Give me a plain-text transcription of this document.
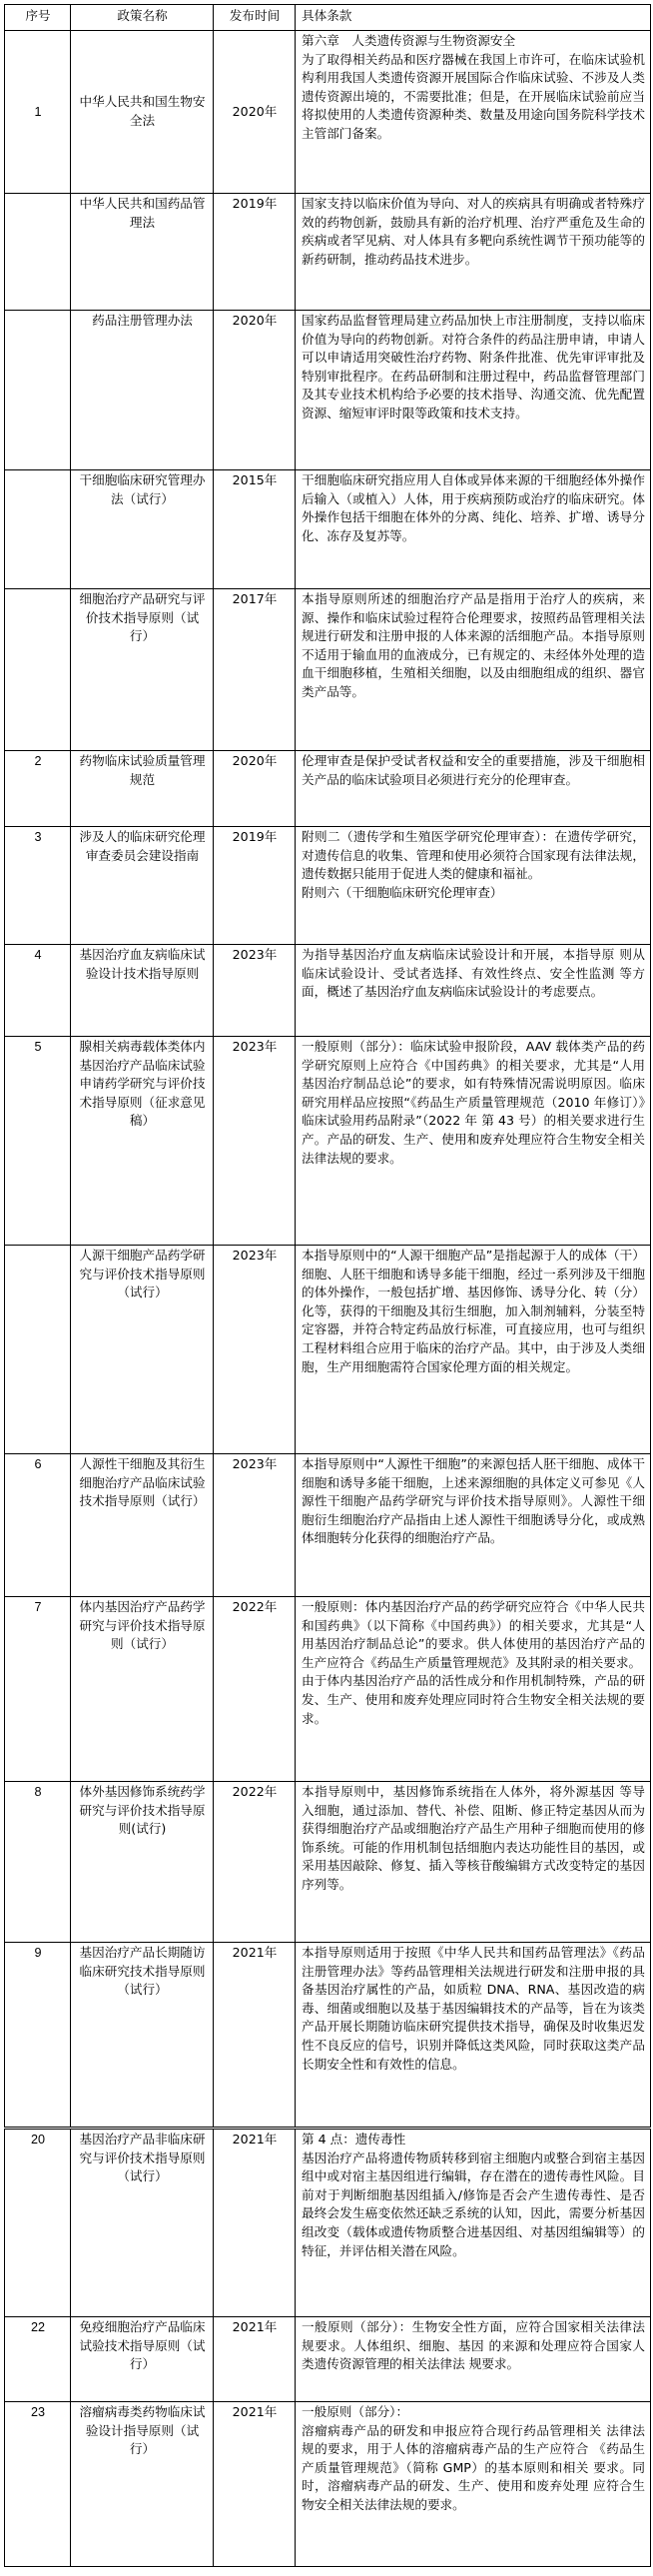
序号	政策名称	发布时间	具体条款
1	中华人民共和国生物安全法	2020年	第六章　人类遗传资源与生物资源安全
为了取得相关药品和医疗器械在我国上市许可，在临床试验机构利用我国人类遗传资源开展国际合作临床试验、不涉及人类遗传资源出境的，不需要批准；但是，在开展临床试验前应当将拟使用的人类遗传资源种类、数量及用途向国务院科学技术主管部门备案。

	中华人民共和国药品管理法	2019年	国家支持以临床价值为导向、对人的疾病具有明确或者特殊疗效的药物创新，鼓励具有新的治疗机理、治疗严重危及生命的疾病或者罕见病、对人体具有多靶向系统性调节干预功能等的新药研制，推动药品技术进步。

	药品注册管理办法	2020年	国家药品监督管理局建立药品加快上市注册制度，支持以临床价值为导向的药物创新。对符合条件的药品注册申请，申请人可以申请适用突破性治疗药物、附条件批准、优先审评审批及特别审批程序。在药品研制和注册过程中，药品监督管理部门及其专业技术机构给予必要的技术指导、沟通交流、优先配置资源、缩短审评时限等政策和技术支持。

	干细胞临床研究管理办法（试行）	2015年	干细胞临床研究指应用人自体或异体来源的干细胞经体外操作后输入（或植入）人体，用于疾病预防或治疗的临床研究。体外操作包括干细胞在体外的分离、纯化、培养、扩增、诱导分化、冻存及复苏等。

	细胞治疗产品研究与评价技术指导原则（试行）	2017年	本指导原则所述的细胞治疗产品是指用于治疗人的疾病，来源、操作和临床试验过程符合伦理要求，按照药品管理相关法规进行研发和注册申报的人体来源的活细胞产品。本指导原则不适用于输血用的血液成分，已有规定的、未经体外处理的造血干细胞移植，生殖相关细胞，以及由细胞组成的组织、器官类产品等。

2	药物临床试验质量管理规范	2020年	伦理审查是保护受试者权益和安全的重要措施，涉及干细胞相关产品的临床试验项目必须进行充分的伦理审查。

3	涉及人的临床研究伦理审查委员会建设指南	2019年	附则二（遗传学和生殖医学研究伦理审查）：在遗传学研究，对遗传信息的收集、管理和使用必须符合国家现有法律法规，遗传数据只能用于促进人类的健康和福祉。
附则六（干细胞临床研究伦理审查）

4	基因治疗血友病临床试验设计技术指导原则	2023年	为指导基因治疗血友病临床试验设计和开展，本指导原 则从临床试验设计、受试者选择、有效性终点、安全性监测 等方面，概述了基因治疗血友病临床试验设计的考虑要点。

5	腺相关病毒载体类体内基因治疗产品临床试验申请药学研究与评价技术指导原则（征求意见稿）	2023年	一般原则（部分）：临床试验申报阶段，AAV 载体类产品的药学研究原则上应符合《中国药典》的相关要求，尤其是“人用基因治疗制品总论”的要求，如有特殊情况需说明原因。临床研究用样品应按照“《药品生产质量管理规范（2010 年修订）》临床试验用药品附录”（2022 年 第 43 号）的相关要求进行生产。产品的研发、生产、使用和废弃处理应符合生物安全相关法律法规的要求。

	人源干细胞产品药学研究与评价技术指导原则（试行）	2023年	本指导原则中的“人源干细胞产品”是指起源于人的成体（干）细胞、人胚干细胞和诱导多能干细胞，经过一系列涉及干细胞的体外操作，一般包括扩增、基因修饰、诱导分化、转（分）化等，获得的干细胞及其衍生细胞，加入制剂辅料，分装至特定容器，并符合特定药品放行标准，可直接应用，也可与组织工程材料组合应用于临床的治疗产品。其中，由于涉及人类细胞，生产用细胞需符合国家伦理方面的相关规定。

6	人源性干细胞及其衍生细胞治疗产品临床试验技术指导原则（试行）	2023年	本指导原则中“人源性干细胞”的来源包括人胚干细胞、成体干细胞和诱导多能干细胞，上述来源细胞的具体定义可参见《人源性干细胞产品药学研究与评价技术指导原则》。人源性干细胞衍生细胞治疗产品指由上述人源性干细胞诱导分化，或成熟体细胞转分化获得的细胞治疗产品。

7	体内基因治疗产品药学研究与评价技术指导原则（试行）	2022年	一般原则：体内基因治疗产品的药学研究应符合《中华人民共和国药典》（以下简称《中国药典》）的相关要求，尤其是“人用基因治疗制品总论”的要求。供人体使用的基因治疗产品的生产应符合《药品生产质量管理规范》及其附录的相关要求。
由于体内基因治疗产品的活性成分和作用机制特殊，产品的研发、生产、使用和废弃处理应同时符合生物安全相关法规的要求。

8	体外基因修饰系统药学研究与评价技术指导原则(试行)	2022年	本指导原则中，基因修饰系统指在人体外，将外源基因 等导入细胞，通过添加、替代、补偿、阻断、修正特定基因从而为获得细胞治疗产品或细胞治疗产品生产用种子细胞而使用的修饰系统。可能的作用机制包括细胞内表达功能性目的基因，或采用基因敲除、修复、插入等核苷酸编辑方式改变特定的基因序列等。

9	基因治疗产品长期随访临床研究技术指导原则（试行）	2021年	本指导原则适用于按照《中华人民共和国药品管理法》《药品注册管理办法》等药品管理相关法规进行研发和注册申报的具备基因治疗属性的产品，如质粒 DNA、RNA、基因改造的病毒、细菌或细胞以及基于基因编辑技术的产品等，旨在为该类产品开展长期随访临床研究提供技术指导，确保及时收集迟发性不良反应的信号，识别并降低这类风险，同时获取这类产品长期安全性和有效性的信息。

20	基因治疗产品非临床研究与评价技术指导原则（试行）	2021年	第 4 点：遗传毒性
基因治疗产品将遗传物质转移到宿主细胞内或整合到宿主基因组中或对宿主基因组进行编辑，存在潜在的遗传毒性风险。目前对于判断细胞基因组插入/修饰是否会产生遗传毒性、是否最终会发生癌变依然还缺乏系统的认知，因此，需要分析基因组改变（载体或遗传物质整合进基因组、对基因组编辑等）的特征，并评估相关潜在风险。

22	免疫细胞治疗产品临床试验技术指导原则（试行）	2021年	一般原则（部分）：生物安全性方面，应符合国家相关法律法规要求。人体组织、细胞、基因 的来源和处理应符合国家人类遗传资源管理的相关法律法 规要求。

23	溶瘤病毒类药物临床试验设计指导原则（试行）	2021年	一般原则（部分）：
溶瘤病毒产品的研发和申报应符合现行药品管理相关 法律法规的要求，用于人体的溶瘤病毒产品的生产应符合 《药品生产质量管理规范》（简称 GMP）的基本原则和相关 要求。同时，溶瘤病毒产品的研发、生产、使用和废弃处理 应符合生物安全相关法律法规的要求。
